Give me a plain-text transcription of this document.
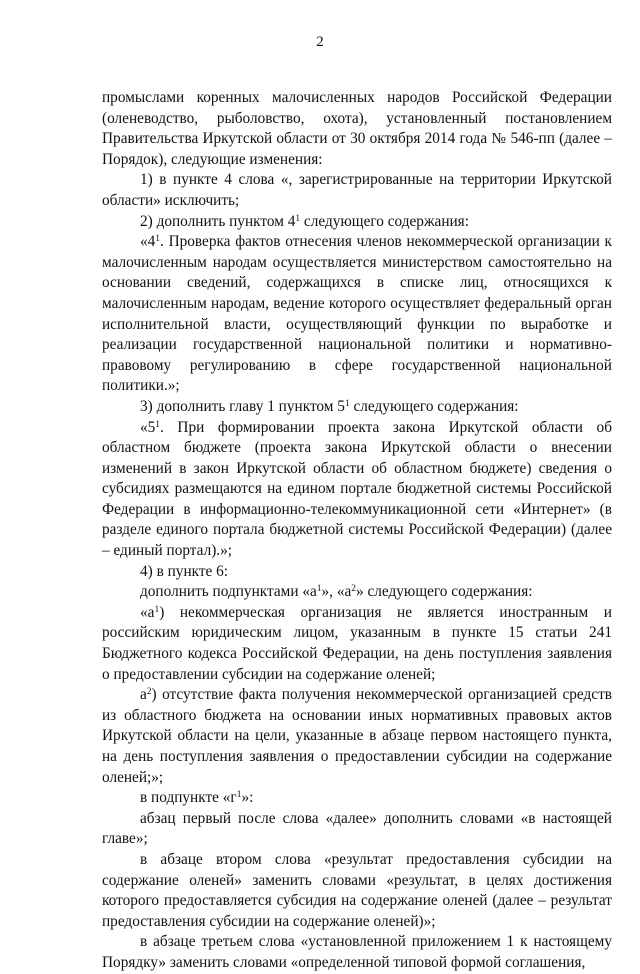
2

промыслами коренных малочисленных народов Российской Федерации (оленеводство, рыболовство, охота), установленный постановлением Правительства Иркутской области от 30 октября 2014 года № 546-пп (далее – Порядок), следующие изменения:

1) в пункте 4 слова «, зарегистрированные на территории Иркутской области» исключить;

2) дополнить пунктом $4^1$ следующего содержания:

«$4^1$. Проверка фактов отнесения членов некоммерческой организации к малочисленным народам осуществляется министерством самостоятельно на основании сведений, содержащихся в списке лиц, относящихся к малочисленным народам, ведение которого осуществляет федеральный орган исполнительной власти, осуществляющий функции по выработке и реализации государственной национальной политики и нормативно-правовому регулированию в сфере государственной национальной политики.»;

3) дополнить главу 1 пунктом $5^1$ следующего содержания:

«$5^1$. При формировании проекта закона Иркутской области об областном бюджете (проекта закона Иркутской области о внесении изменений в закон Иркутской области об областном бюджете) сведения о субсидиях размещаются на едином портале бюджетной системы Российской Федерации в информационно-телекоммуникационной сети «Интернет» (в разделе единого портала бюджетной системы Российской Федерации) (далее – единый портал).»;

4) в пункте 6:

дополнить подпунктами «$а^1$», «$а^2$» следующего содержания:

«$а^1$) некоммерческая организация не является иностранным и российским юридическим лицом, указанным в пункте 15 статьи 241 Бюджетного кодекса Российской Федерации, на день поступления заявления о предоставлении субсидии на содержание оленей;

$а^2$) отсутствие факта получения некоммерческой организацией средств из областного бюджета на основании иных нормативных правовых актов Иркутской области на цели, указанные в абзаце первом настоящего пункта, на день поступления заявления о предоставлении субсидии на содержание оленей;»;

в подпункте «$г^1$»:

абзац первый после слова «далее» дополнить словами «в настоящей главе»;

в абзаце втором слова «результат предоставления субсидии на содержание оленей» заменить словами «результат, в целях достижения которого предоставляется субсидия на содержание оленей (далее – результат предоставления субсидии на содержание оленей)»;

в абзаце третьем слова «установленной приложением 1 к настоящему Порядку» заменить словами «определенной типовой формой соглашения,
